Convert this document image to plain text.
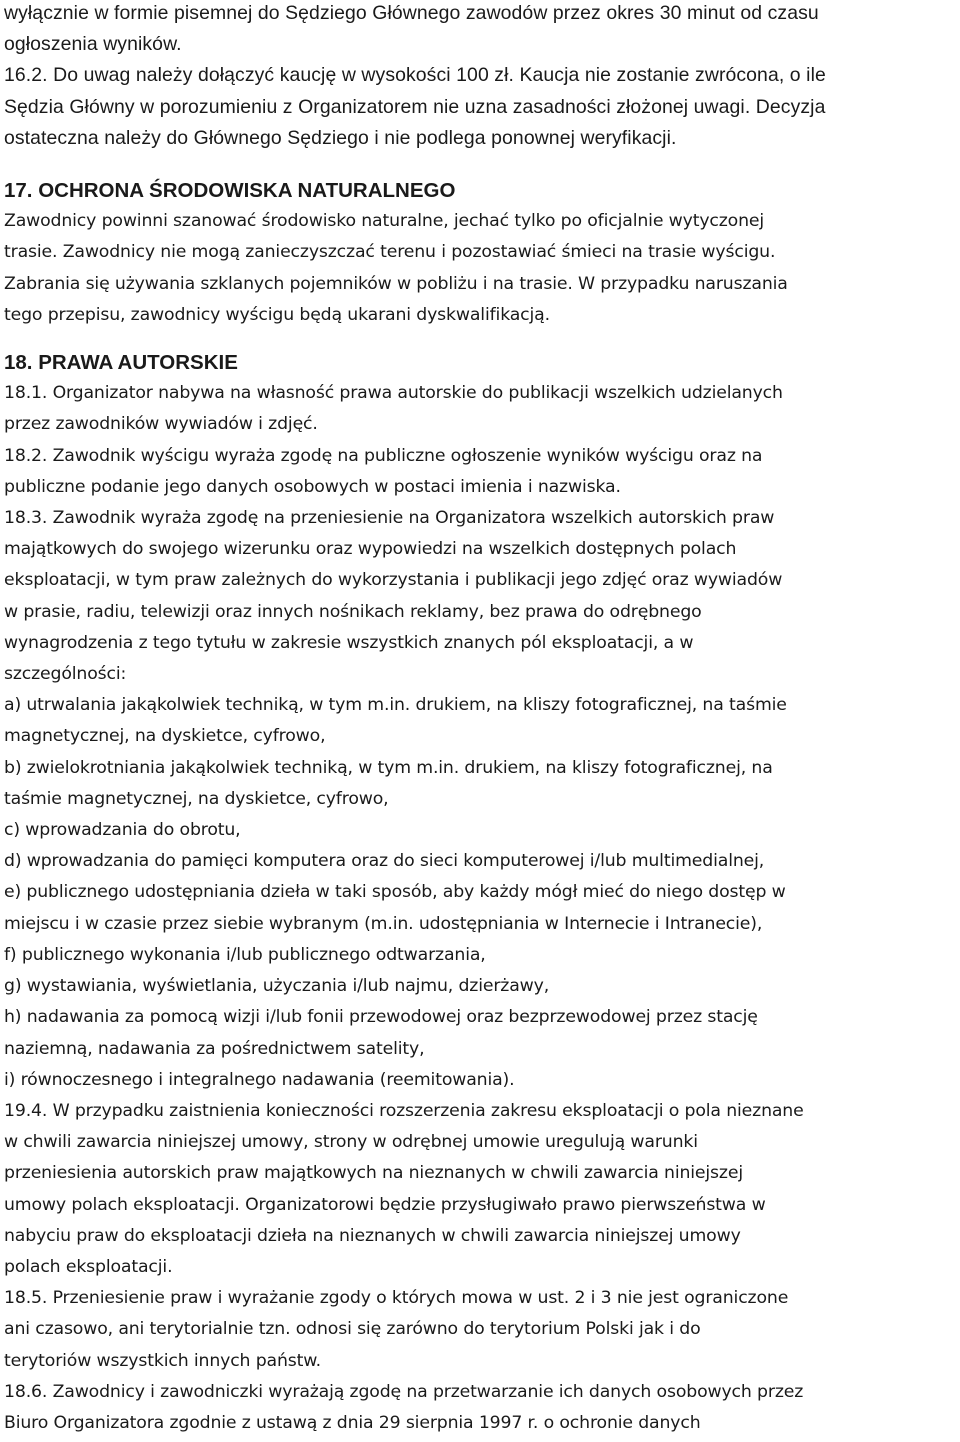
wyłącznie w formie pisemnej do Sędziego Głównego zawodów przez okres 30 minut od czasu

ogłoszenia wyników.

16.2. Do uwag należy dołączyć kaucję w wysokości 100 zł. Kaucja nie zostanie zwrócona, o ile

Sędzia Główny w porozumieniu z Organizatorem nie uzna zasadności złożonej uwagi. Decyzja

ostateczna należy do Głównego Sędziego i nie podlega ponownej weryfikacji.

17. OCHRONA ŚRODOWISKA NATURALNEGO

Zawodnicy powinni szanować środowisko naturalne, jechać tylko po oficjalnie wytyczonej

trasie. Zawodnicy nie mogą zanieczyszczać terenu i pozostawiać śmieci na trasie wyścigu.

Zabrania się używania szklanych pojemników w pobliżu i na trasie. W przypadku naruszania

tego przepisu, zawodnicy wyścigu będą ukarani dyskwalifikacją.

18. PRAWA AUTORSKIE

18.1. Organizator nabywa na własność prawa autorskie do publikacji wszelkich udzielanych

przez zawodników wywiadów i zdjęć.

18.2. Zawodnik wyścigu wyraża zgodę na publiczne ogłoszenie wyników wyścigu oraz na

publiczne podanie jego danych osobowych w postaci imienia i nazwiska.

18.3. Zawodnik wyraża zgodę na przeniesienie na Organizatora wszelkich autorskich praw

majątkowych do swojego wizerunku oraz wypowiedzi na wszelkich dostępnych polach

eksploatacji, w tym praw zależnych do wykorzystania i publikacji jego zdjęć oraz wywiadów

w prasie, radiu, telewizji oraz innych nośnikach reklamy, bez prawa do odrębnego

wynagrodzenia z tego tytułu w zakresie wszystkich znanych pól eksploatacji, a w

szczególności:

a) utrwalania jakąkolwiek techniką, w tym m.in. drukiem, na kliszy fotograficznej, na taśmie

magnetycznej, na dyskietce, cyfrowo,

b) zwielokrotniania jakąkolwiek techniką, w tym m.in. drukiem, na kliszy fotograficznej, na

taśmie magnetycznej, na dyskietce, cyfrowo,

c) wprowadzania do obrotu,

d) wprowadzania do pamięci komputera oraz do sieci komputerowej i/lub multimedialnej,

e) publicznego udostępniania dzieła w taki sposób, aby każdy mógł mieć do niego dostęp w

miejscu i w czasie przez siebie wybranym (m.in. udostępniania w Internecie i Intranecie),

f) publicznego wykonania i/lub publicznego odtwarzania,

g) wystawiania, wyświetlania, użyczania i/lub najmu, dzierżawy,

h) nadawania za pomocą wizji i/lub fonii przewodowej oraz bezprzewodowej przez stację

naziemną, nadawania za pośrednictwem satelity,

i) równoczesnego i integralnego nadawania (reemitowania).

19.4. W przypadku zaistnienia konieczności rozszerzenia zakresu eksploatacji o pola nieznane

w chwili zawarcia niniejszej umowy, strony w odrębnej umowie uregulują warunki

przeniesienia autorskich praw majątkowych na nieznanych w chwili zawarcia niniejszej

umowy polach eksploatacji. Organizatorowi będzie przysługiwało prawo pierwszeństwa w

nabyciu praw do eksploatacji dzieła na nieznanych w chwili zawarcia niniejszej umowy

polach eksploatacji.

18.5. Przeniesienie praw i wyrażanie zgody o których mowa w ust. 2 i 3 nie jest ograniczone

ani czasowo, ani terytorialnie tzn. odnosi się zarówno do terytorium Polski jak i do

terytoriów wszystkich innych państw.

18.6. Zawodnicy i zawodniczki wyrażają zgodę na przetwarzanie ich danych osobowych przez

Biuro Organizatora zgodnie z ustawą z dnia 29 sierpnia 1997 r. o ochronie danych
